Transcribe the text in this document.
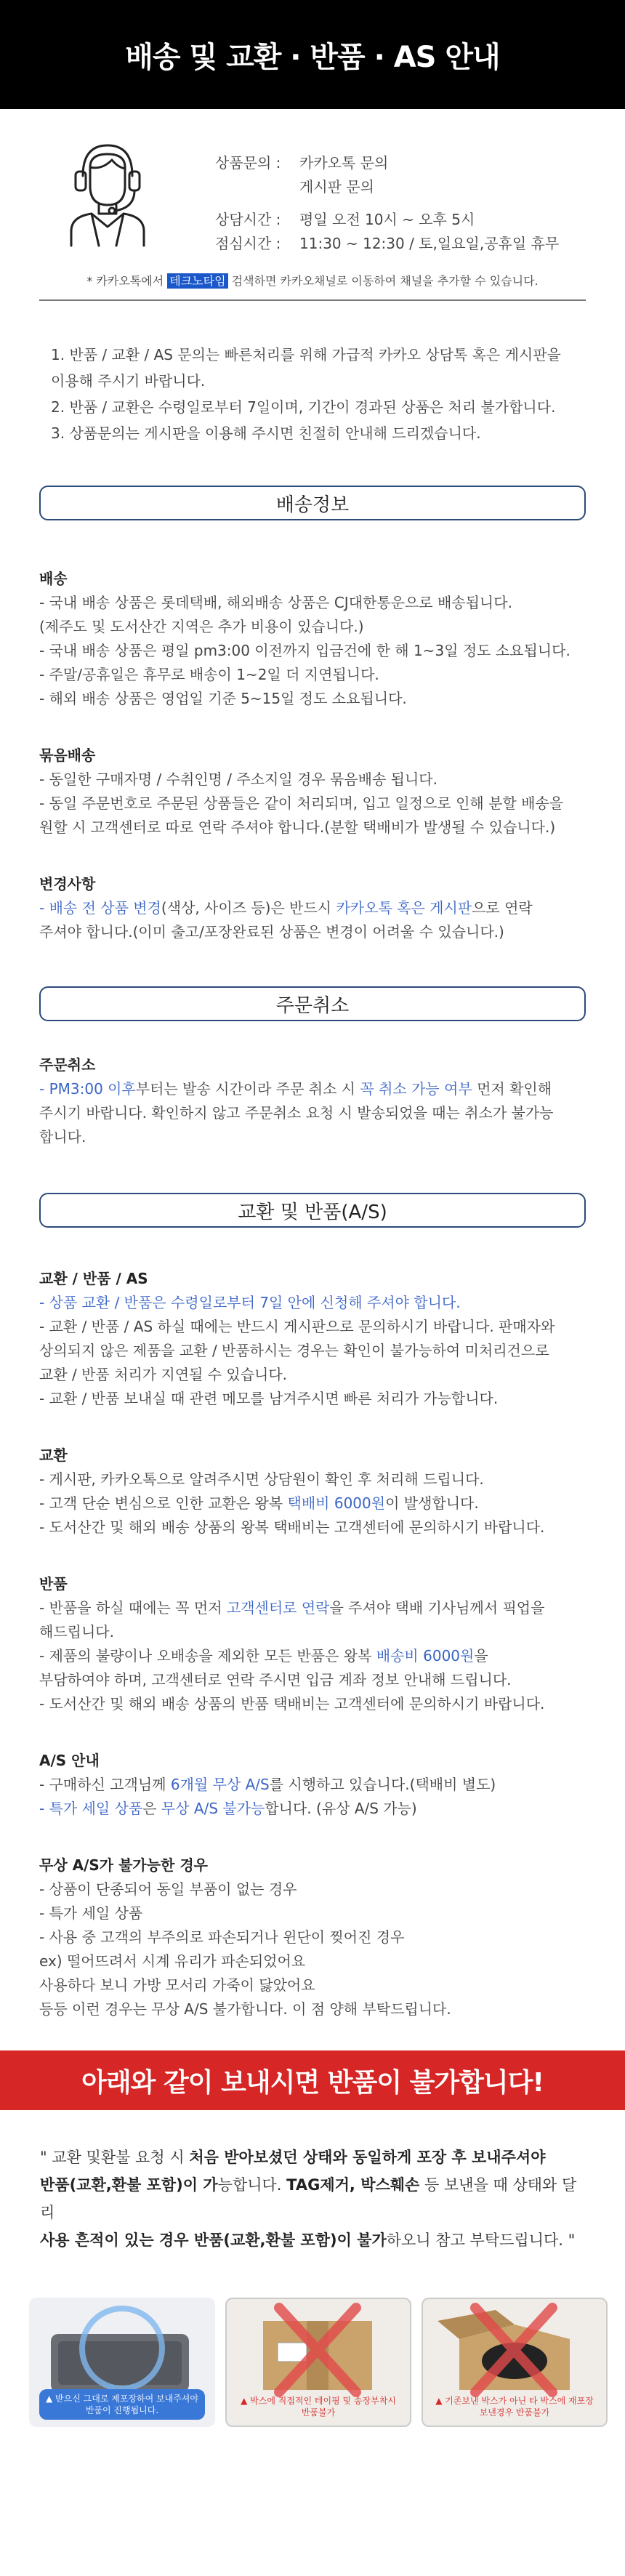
배송 및 교환 · 반품 · AS 안내
상품문의 :	카카오톡 문의
게시판 문의
상담시간 :	평일 오전 10시 ~ 오후 5시
점심시간 :	11:30 ~ 12:30 / 토,일요일,공휴일 휴무
* 카카오톡에서 테크노타임 검색하면 카카오채널로 이동하여 채널을 추가할 수 있습니다.

1. 반품 / 교환 / AS 문의는 빠른처리를 위해 가급적 카카오 상담톡 혹은 게시판을

이용해 주시기 바랍니다.

2. 반품 / 교환은 수령일로부터 7일이며, 기간이 경과된 상품은 처리 불가합니다.

3. 상품문의는 게시판을 이용해 주시면 친절히 안내해 드리겠습니다.

배송정보
배송

- 국내 배송 상품은 롯데택배, 해외배송 상품은 CJ대한통운으로 배송됩니다.

(제주도 및 도서산간 지역은 추가 비용이 있습니다.)

- 국내 배송 상품은 평일 pm3:00 이전까지 입금건에 한 해 1~3일 정도 소요됩니다.

- 주말/공휴일은 휴무로 배송이 1~2일 더 지연됩니다.

- 해외 배송 상품은 영업일 기준 5~15일 정도 소요됩니다.

묶음배송

- 동일한 구매자명 / 수취인명 / 주소지일 경우 묶음배송 됩니다.

- 동일 주문번호로 주문된 상품들은 같이 처리되며, 입고 일정으로 인해 분할 배송을

원할 시 고객센터로 따로 연락 주셔야 합니다.(분할 택배비가 발생될 수 있습니다.)

변경사항

- 배송 전 상품 변경(색상, 사이즈 등)은 반드시 카카오톡 혹은 게시판으로 연락

주셔야 합니다.(이미 출고/포장완료된 상품은 변경이 어려울 수 있습니다.)

주문취소
주문취소

- PM3:00 이후부터는 발송 시간이라 주문 취소 시 꼭 취소 가능 여부 먼저 확인해

주시기 바랍니다. 확인하지 않고 주문취소 요청 시 발송되었을 때는 취소가 불가능

합니다.

교환 및 반품(A/S)
교환 / 반품 / AS

- 상품 교환 / 반품은 수령일로부터 7일 안에 신청해 주셔야 합니다.

- 교환 / 반품 / AS 하실 때에는 반드시 게시판으로 문의하시기 바랍니다. 판매자와

상의되지 않은 제품을 교환 / 반품하시는 경우는 확인이 불가능하여 미처리건으로

교환 / 반품 처리가 지연될 수 있습니다.

- 교환 / 반품 보내실 때 관련 메모를 남겨주시면 빠른 처리가 가능합니다.

교환

- 게시판, 카카오톡으로 알려주시면 상담원이 확인 후 처리해 드립니다.

- 고객 단순 변심으로 인한 교환은 왕복 택배비 6000원이 발생합니다.

- 도서산간 및 해외 배송 상품의 왕복 택배비는 고객센터에 문의하시기 바랍니다.

반품

- 반품을 하실 때에는 꼭 먼저 고객센터로 연락을 주셔야 택배 기사님께서 픽업을

해드립니다.

- 제품의 불량이나 오배송을 제외한 모든 반품은 왕복 배송비 6000원을

부담하여야 하며, 고객센터로 연락 주시면 입금 계좌 정보 안내해 드립니다.

- 도서산간 및 해외 배송 상품의 반품 택배비는 고객센터에 문의하시기 바랍니다.

A/S 안내

- 구매하신 고객님께 6개월 무상 A/S를 시행하고 있습니다.(택배비 별도)

- 특가 세일 상품은 무상 A/S 불가능합니다. (유상 A/S 가능)

무상 A/S가 불가능한 경우

- 상품이 단종되어 동일 부품이 없는 경우

- 특가 세일 상품

- 사용 중 고객의 부주의로 파손되거나 윈단이 찢어진 경우

ex) 떨어뜨려서 시계 유리가 파손되었어요

사용하다 보니 가방 모서리 가죽이 닳았어요

등등 이런 경우는 무상 A/S 불가합니다. 이 점 양해 부탁드립니다.

아래와 같이 보내시면 반품이 불가합니다!
" 교환 및환불 요청 시 처음 받아보셨던 상태와 동일하게 포장 후 보내주셔야
반품(교환,환불 포함)이 가능합니다. TAG제거, 박스훼손 등 보낸을 때 상태와 달리
사용 흔적이 있는 경우 반품(교환,환불 포함)이 불가하오니 참고 부탁드립니다. "
▲ 받으신 그대로 제포장하여 보내주셔야 반품이 진행됩니다.
▲ 박스에 직접적인 테이핑 및 송장부착시 반품불가
▲ 기존보낸 박스가 아닌 타 박스에 재포장 보낸경우 반품불가
